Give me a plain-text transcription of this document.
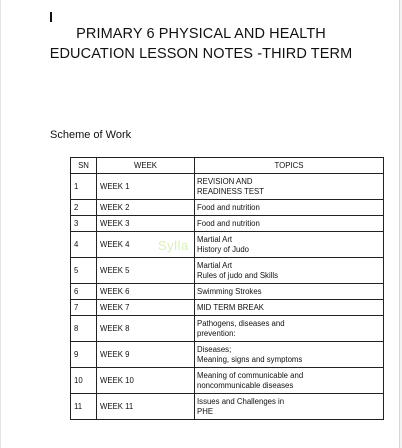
PRIMARY 6 PHYSICAL AND HEALTH
EDUCATION LESSON NOTES -THIRD TERM
Scheme of Work
SN	WEEK	TOPICS
1	WEEK 1	REVISION AND
READINESS TEST

2	WEEK 2	Food and nutrition

3	WEEK 3	Food and nutrition

4	WEEK 4	Martial Art
History of Judo

5	WEEK 5	Martial Art
Rules of judo and Skills

6	WEEK 6	Swimming Strokes

7	WEEK 7	MID TERM BREAK

8	WEEK 8	Pathogens, diseases and
prevention:

9	WEEK 9	Diseases;
Meaning, signs and symptoms

10	WEEK 10	Meaning of communicable and
noncommunicable diseases

11	WEEK 11	Issues and Challenges in
PHE
Sylla
